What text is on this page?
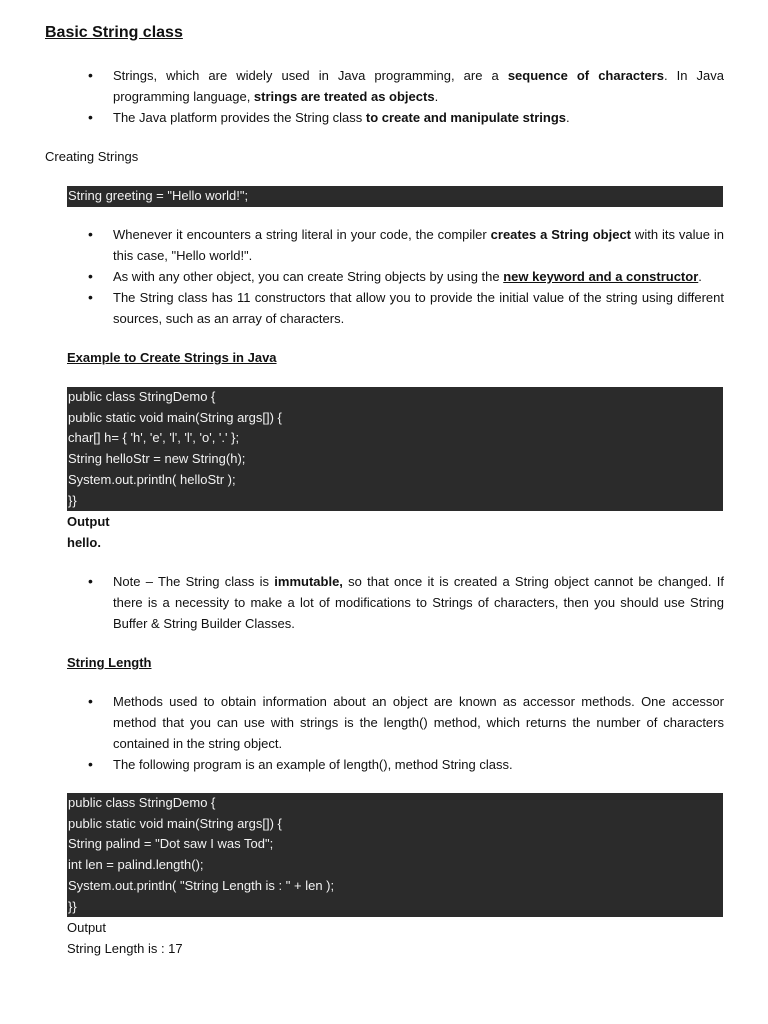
Basic String class
• Strings, which are widely used in Java programming, are a sequence of characters. In Java programming language, strings are treated as objects.
• The Java platform provides the String class to create and manipulate strings.
Creating Strings
String greeting = "Hello world!";
• Whenever it encounters a string literal in your code, the compiler creates a String object with its value in this case, "Hello world!".
• As with any other object, you can create String objects by using the new keyword and a constructor.
• The String class has 11 constructors that allow you to provide the initial value of the string using different sources, such as an array of characters.
Example to Create Strings in Java
public class StringDemo {
public static void main(String args[]) {
char[] h= { 'h', 'e', 'l', 'l', 'o', '.' };
String helloStr = new String(h);
System.out.println( helloStr );
}}
Output
hello.
• Note – The String class is immutable, so that once it is created a String object cannot be changed. If there is a necessity to make a lot of modifications to Strings of characters, then you should use String Buffer & String Builder Classes.
String Length
• Methods used to obtain information about an object are known as accessor methods. One accessor method that you can use with strings is the length() method, which returns the number of characters contained in the string object.
• The following program is an example of length(), method String class.
public class StringDemo {
public static void main(String args[]) {
String palind = "Dot saw I was Tod";
int len = palind.length();
System.out.println( "String Length is : " + len );
}}
Output
String Length is : 17
